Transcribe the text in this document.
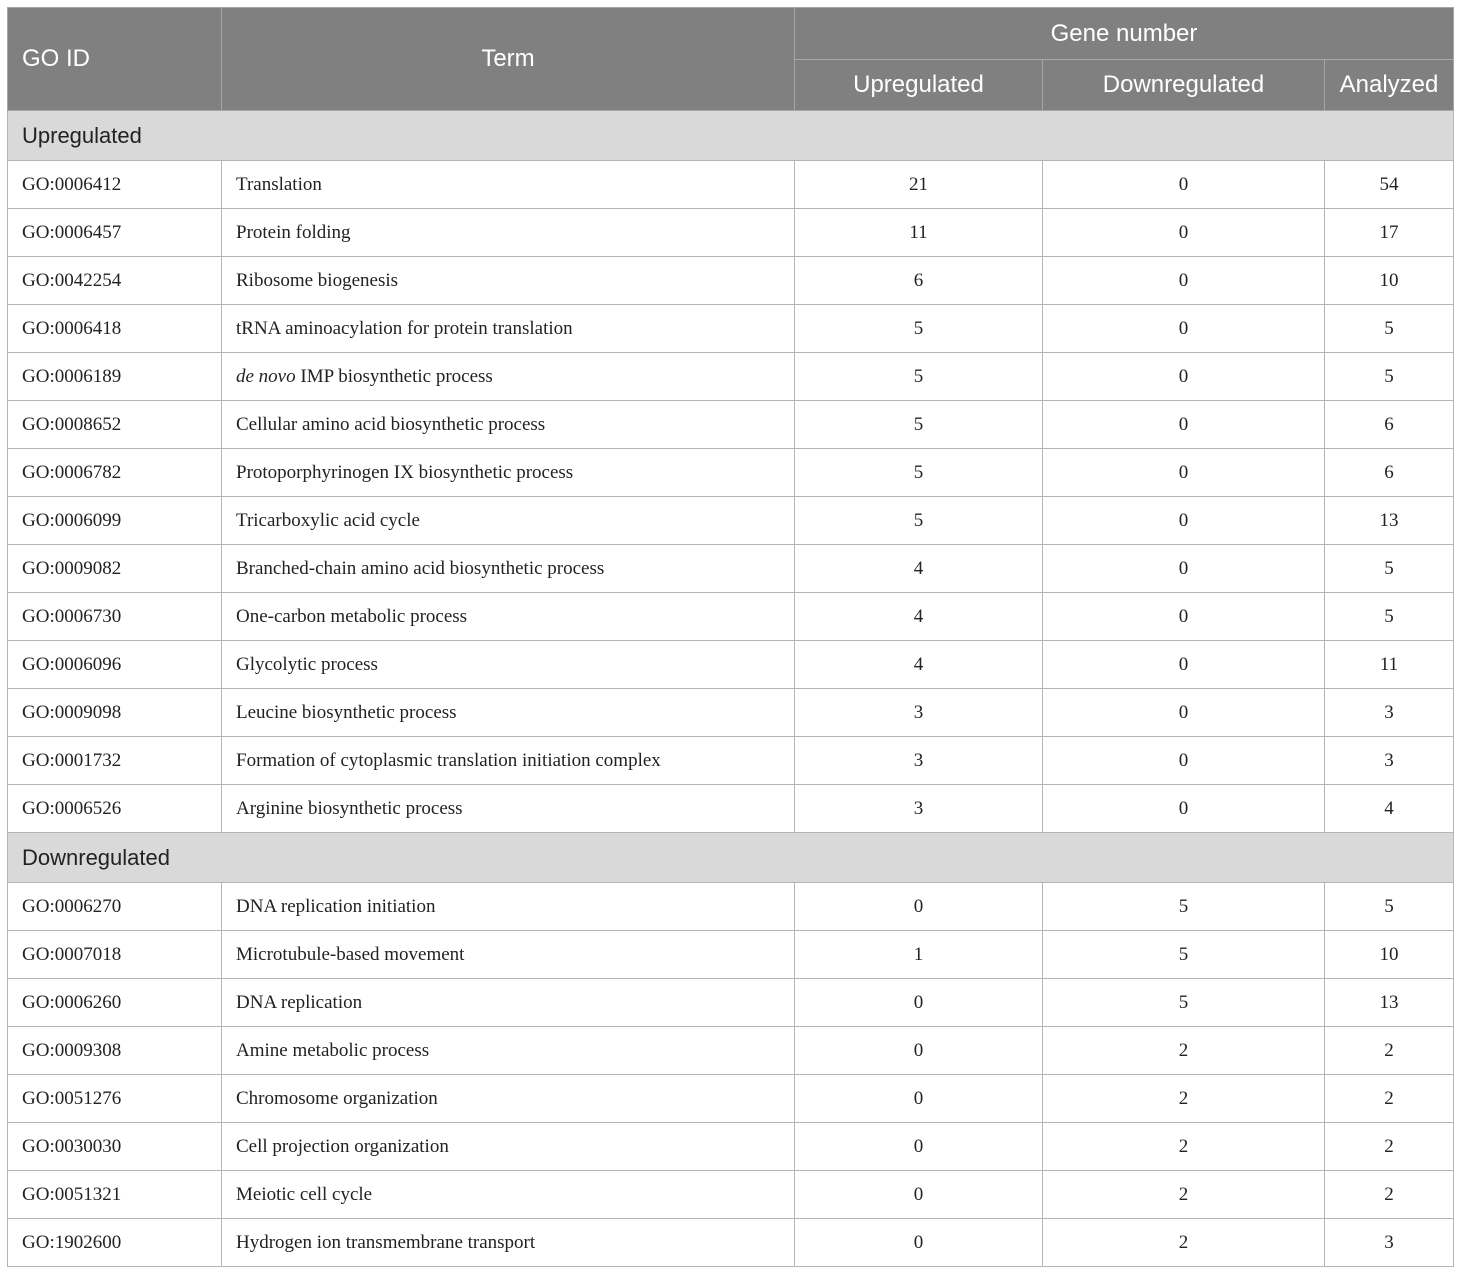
GO ID	Term	Gene number		
		Upregulated	Downregulated	Analyzed
Upregulated				
GO:0006412	Translation	21	0	54
GO:0006457	Protein folding	11	0	17
GO:0042254	Ribosome biogenesis	6	0	10
GO:0006418	tRNA aminoacylation for protein translation	5	0	5
GO:0006189	de novo IMP biosynthetic process	5	0	5
GO:0008652	Cellular amino acid biosynthetic process	5	0	6
GO:0006782	Protoporphyrinogen IX biosynthetic process	5	0	6
GO:0006099	Tricarboxylic acid cycle	5	0	13
GO:0009082	Branched-chain amino acid biosynthetic process	4	0	5
GO:0006730	One-carbon metabolic process	4	0	5
GO:0006096	Glycolytic process	4	0	11
GO:0009098	Leucine biosynthetic process	3	0	3
GO:0001732	Formation of cytoplasmic translation initiation complex	3	0	3
GO:0006526	Arginine biosynthetic process	3	0	4
Downregulated				
GO:0006270	DNA replication initiation	0	5	5
GO:0007018	Microtubule-based movement	1	5	10
GO:0006260	DNA replication	0	5	13
GO:0009308	Amine metabolic process	0	2	2
GO:0051276	Chromosome organization	0	2	2
GO:0030030	Cell projection organization	0	2	2
GO:0051321	Meiotic cell cycle	0	2	2
GO:1902600	Hydrogen ion transmembrane transport	0	2	3
